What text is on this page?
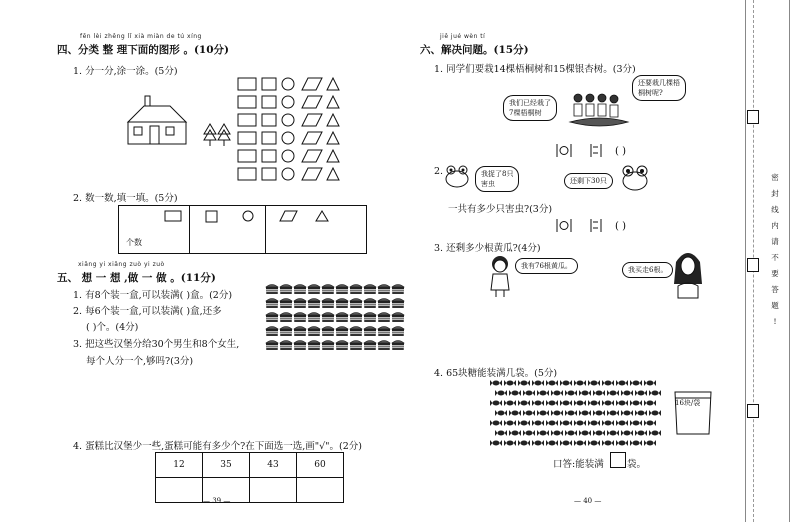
fēn lèi zhěng lǐ xià miàn de tú xíng
四、分类 整 理下面的图形 。(10分)
1. 分一分,涂一涂。(5分)
2. 数一数,填一填。(5分)
个数
xiǎng yi xiǎng zuò yi zuò
五、 想 一 想 ,做 一 做 。(11分)
1. 有8个装一盒,可以装满( )盒。(2分)
2. 每6个装一盒,可以装满( )盒,还多
( )个。(4分)
3. 把这些汉堡分给30个男生和8个女生,
每个人分一个,够吗?(3分)
4. 蛋糕比汉堡少一些,蛋糕可能有多少个?在下面选一选,画"√"。(2分)
12	35	43	60

— 39 —
jiě jué wèn tí
六、解决问题。(15分)
1. 同学们要栽14棵梧桐树和15棵银杏树。(3分)
我们已经栽了
7棵梧桐树
还要栽几棵梧
桐树呢?
( )
2.	我捉了8只
害虫	还剩下30只
一共有多少只害虫?(3分)
( )
3. 还剩多少根黄瓜?(4分)
我有76根黄瓜。	我买走6根。
4. 65块糖能装满几袋。(5分)
16块/袋
口答:能装满 袋。
— 40 —
密
封
线
内
请
不
要
答
题
!
